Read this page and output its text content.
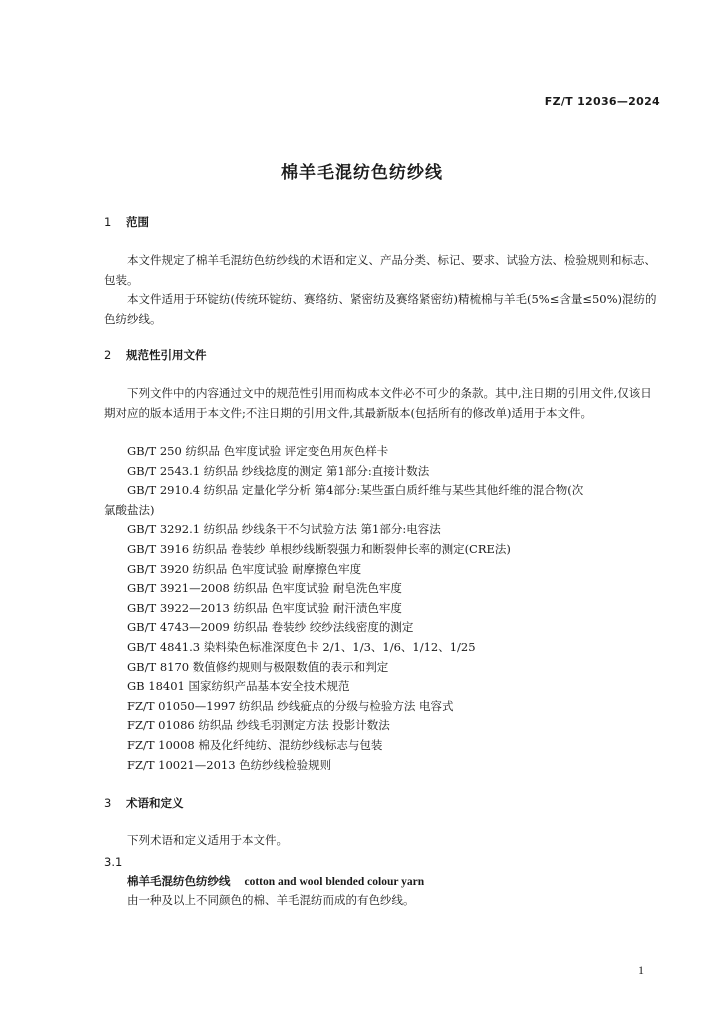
FZ/T 12036—2024
棉羊毛混纺色纺纱线
1 范围
本文件规定了棉羊毛混纺色纺纱线的术语和定义、产品分类、标记、要求、试验方法、检验规则和标志、包装。
本文件适用于环锭纺(传统环锭纺、赛络纺、紧密纺及赛络紧密纺)精梳棉与羊毛(5%≤含量≤50%)混纺的色纺纱线。
2 规范性引用文件
下列文件中的内容通过文中的规范性引用而构成本文件必不可少的条款。其中,注日期的引用文件,仅该日期对应的版本适用于本文件;不注日期的引用文件,其最新版本(包括所有的修改单)适用于本文件。
GB/T 250 纺织品 色牢度试验 评定变色用灰色样卡
GB/T 2543.1 纺织品 纱线捻度的测定 第1部分:直接计数法
GB/T 2910.4 纺织品 定量化学分析 第4部分:某些蛋白质纤维与某些其他纤维的混合物(次
氯酸盐法)
GB/T 3292.1 纺织品 纱线条干不匀试验方法 第1部分:电容法
GB/T 3916 纺织品 卷装纱 单根纱线断裂强力和断裂伸长率的测定(CRE法)
GB/T 3920 纺织品 色牢度试验 耐摩擦色牢度
GB/T 3921—2008 纺织品 色牢度试验 耐皂洗色牢度
GB/T 3922—2013 纺织品 色牢度试验 耐汗渍色牢度
GB/T 4743—2009 纺织品 卷装纱 绞纱法线密度的测定
GB/T 4841.3 染料染色标准深度色卡 2/1、1/3、1/6、1/12、1/25
GB/T 8170 数值修约规则与极限数值的表示和判定
GB 18401 国家纺织产品基本安全技术规范
FZ/T 01050—1997 纺织品 纱线疵点的分级与检验方法 电容式
FZ/T 01086 纺织品 纱线毛羽测定方法 投影计数法
FZ/T 10008 棉及化纤纯纺、混纺纱线标志与包装
FZ/T 10021—2013 色纺纱线检验规则
3 术语和定义
下列术语和定义适用于本文件。
3.1
棉羊毛混纺色纺纱线 cotton and wool blended colour yarn
由一种及以上不同颜色的棉、羊毛混纺而成的有色纱线。
1
